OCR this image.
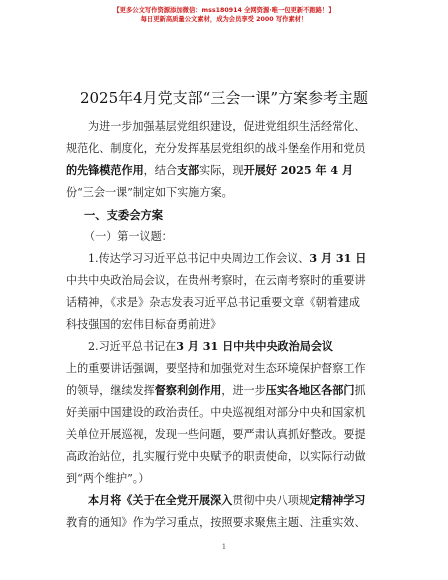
【更多公文写作资源添加微信：mss180914 全网资源·唯一包更新不跑路！】
每日更新高质量公文素材，成为会员享受 2000 写作素材！
2025年4月党支部“三会一课”方案参考主题
为进一步加强基层党组织建设，促进党组织生活经常化、
规范化、制度化，充分发挥基层党组织的战斗堡垒作用和党员
的先锋模范作用，结合支部实际，现开展好 2025 年 4 月
份“三会一课”制定如下实施方案。
一、支委会方案
（一）第一议题：
1.传达学习习近平总书记中央周边工作会议、3 月 31 日
中共中央政治局会议，在贵州考察时，在云南考察时的重要讲
话精神，《求是》杂志发表习近平总书记重要文章《朝着建成
科技强国的宏伟目标奋勇前进》
2.习近平总书记在3 月 31 日中共中央政治局会议
上的重要讲话强调，要坚持和加强党对生态环境保护督察工作
的领导，继续发挥督察利剑作用，进一步压实各地区各部门抓
好美丽中国建设的政治责任。中央巡视组对部分中央和国家机
关单位开展巡视，发现一些问题，要严肃认真抓好整改。要提
高政治站位，扎实履行党中央赋予的职责使命，以实际行动做
到“两个维护”。）
本月将《关于在全党开展深入贯彻中央八项规定精神学习
教育的通知》作为学习重点，按照要求聚焦主题、注重实效、
1
